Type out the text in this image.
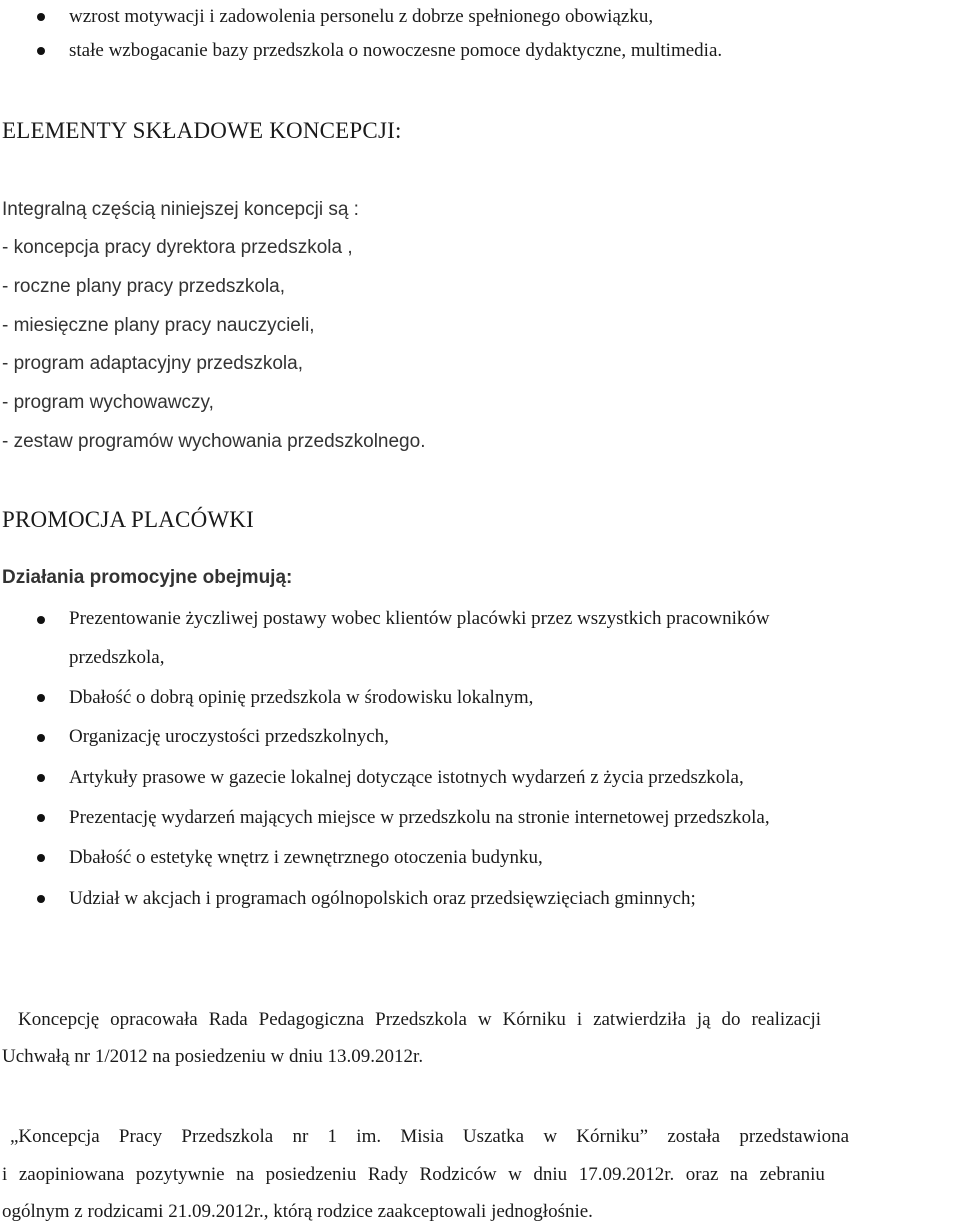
wzrost motywacji i zadowolenia personelu z dobrze spełnionego obowiązku,
stałe wzbogacanie bazy przedszkola o nowoczesne pomoce dydaktyczne, multimedia.
ELEMENTY SKŁADOWE KONCEPCJI:
Integralną częścią niniejszej koncepcji są :
- koncepcja pracy dyrektora przedszkola ,
- roczne plany pracy przedszkola,
- miesięczne plany pracy nauczycieli,
- program adaptacyjny przedszkola,
- program wychowawczy,
- zestaw programów wychowania przedszkolnego.
PROMOCJA PLACÓWKI
Działania promocyjne obejmują:
Prezentowanie życzliwej postawy wobec klientów placówki przez wszystkich pracowników
przedszkola,
Dbałość o dobrą opinię przedszkola w środowisku lokalnym,
Organizację uroczystości przedszkolnych,
Artykuły prasowe w gazecie lokalnej dotyczące istotnych wydarzeń z życia przedszkola,
Prezentację wydarzeń mających miejsce w przedszkolu na stronie internetowej przedszkola,
Dbałość o estetykę wnętrz i zewnętrznego otoczenia budynku,
Udział w akcjach i programach ogólnopolskich oraz przedsięwzięciach gminnych;
Koncepcję opracowała Rada Pedagogiczna Przedszkola w Kórniku i zatwierdziła ją do realizacji
Uchwałą nr 1/2012 na posiedzeniu w dniu 13.09.2012r.
„Koncepcja Pracy Przedszkola nr 1 im. Misia Uszatka w Kórniku” została przedstawiona
i zaopiniowana pozytywnie na posiedzeniu Rady Rodziców w dniu 17.09.2012r. oraz na zebraniu
ogólnym z rodzicami 21.09.2012r., którą rodzice zaakceptowali jednogłośnie.
